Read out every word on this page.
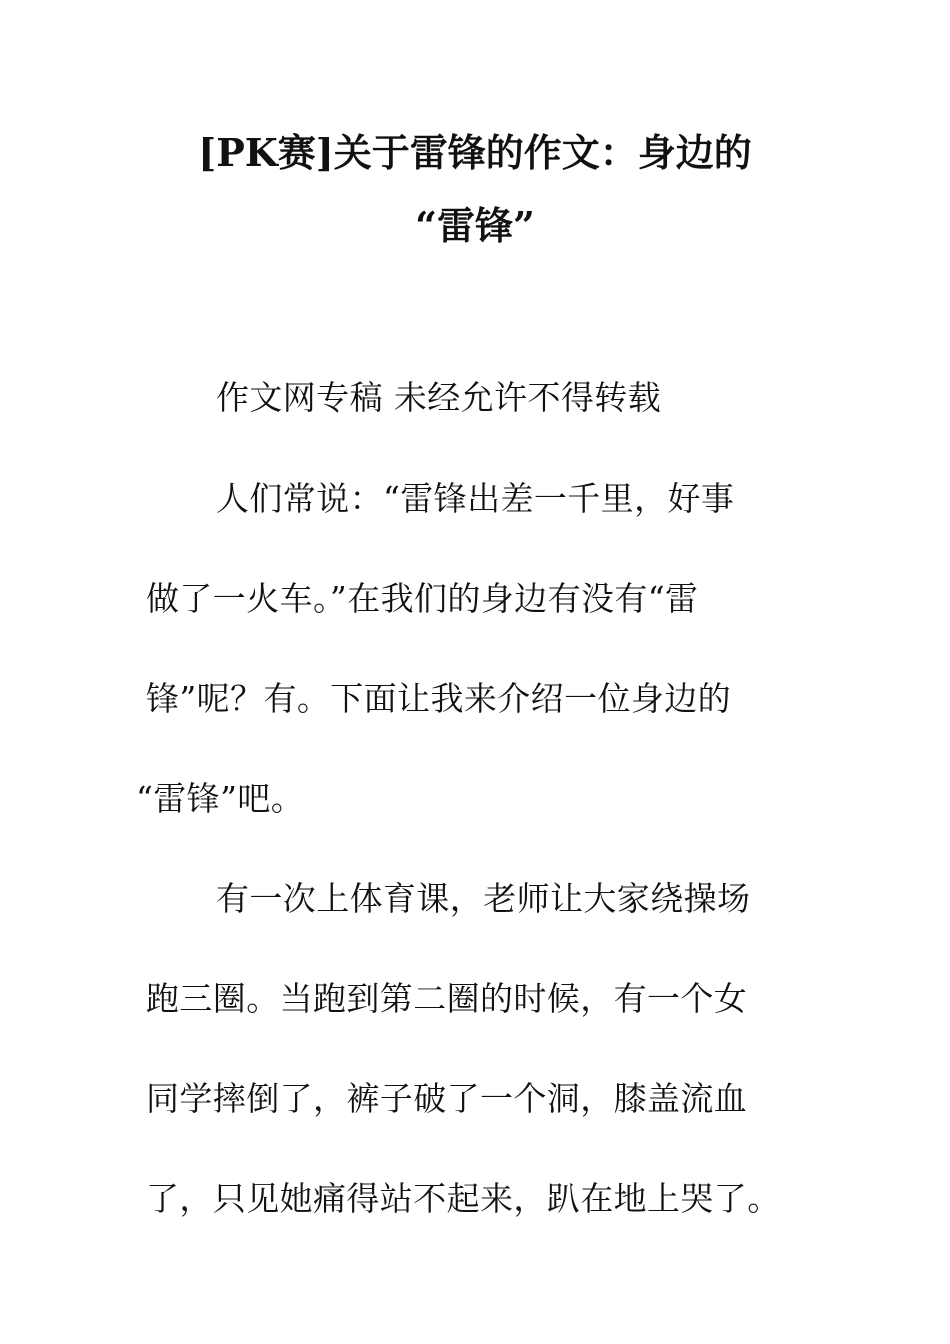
[PK赛]关于雷锋的作文：身边的
“雷锋”
作文网专稿 未经允许不得转载
人们常说：“雷锋出差一千里，好事
做了一火车。”在我们的身边有没有“雷
锋”呢？有。下面让我来介绍一位身边的
“雷锋”吧。
有一次上体育课，老师让大家绕操场
跑三圈。当跑到第二圈的时候，有一个女
同学摔倒了，裤子破了一个洞，膝盖流血
了，只见她痛得站不起来，趴在地上哭了。
